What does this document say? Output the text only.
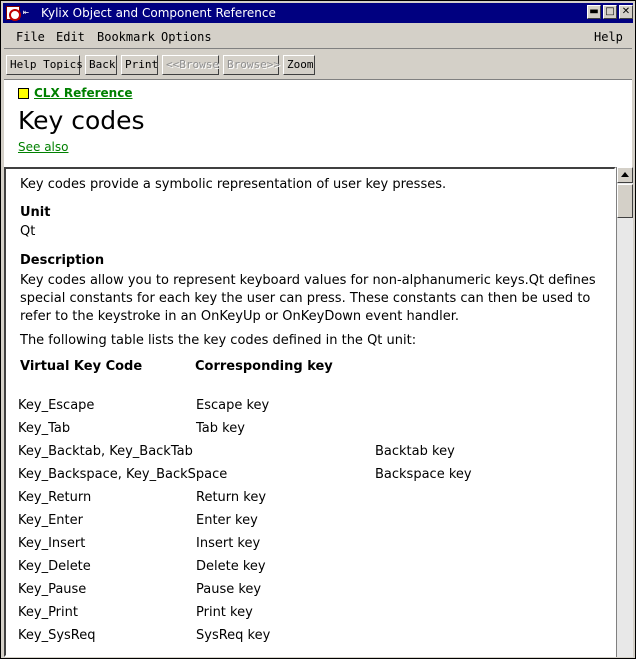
⇤ Kylix Object and Component Reference	▬ □ ✕
File Edit Bookmark Options	Help
Help Topics Back Print <<Browse Browse>> Zoom
CLX Reference
Key codes
See also
Key codes provide a symbolic representation of user key presses.
Unit
Qt
Description
Key codes allow you to represent keyboard values for non-alphanumeric keys.Qt defines
special constants for each key the user can press. These constants can then be used to
refer to the keystroke in an OnKeyUp or OnKeyDown event handler.
The following table lists the key codes defined in the Qt unit:
Virtual Key Code	Corresponding key
Key_Escape	Escape key
Key_Tab	Tab key
Key_Backtab, Key_BackTab	Backtab key
Key_Backspace, Key_BackSpace	Backspace key
Key_Return	Return key
Key_Enter	Enter key
Key_Insert	Insert key
Key_Delete	Delete key
Key_Pause	Pause key
Key_Print	Print key
Key_SysReq	SysReq key
